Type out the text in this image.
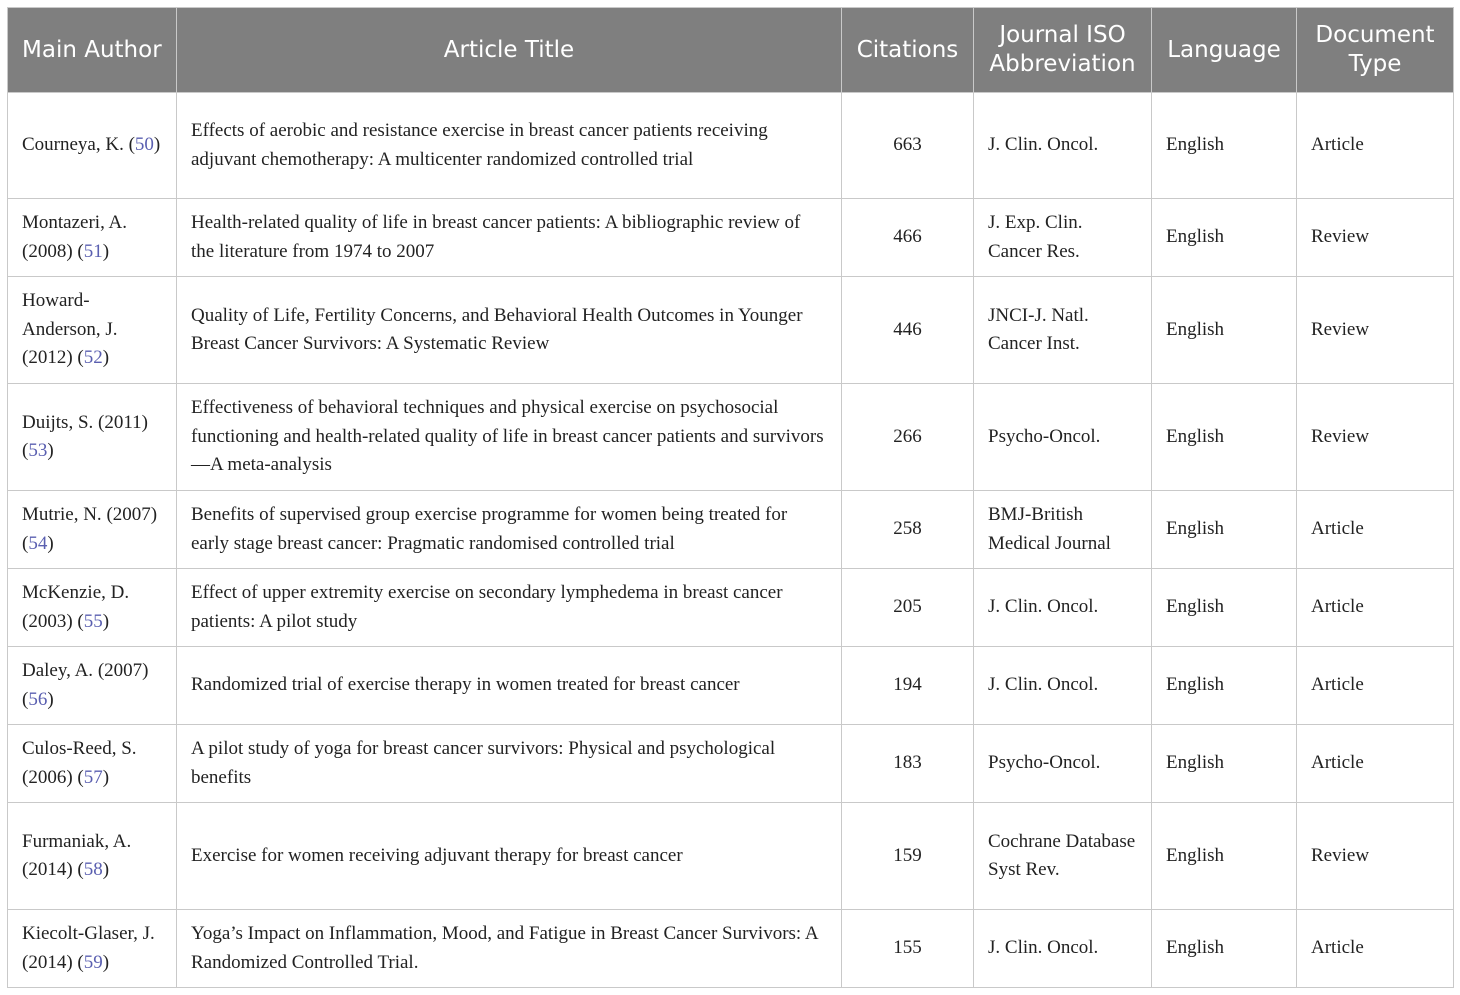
Main Author	Article Title	Citations	Journal ISO Abbreviation	Language	Document Type
Courneya, K. (50)	Effects of aerobic and resistance exercise in breast cancer patients receiving adjuvant chemotherapy: A multicenter randomized controlled trial	663	J. Clin. Oncol.	English	Article
Montazeri, A. (2008) (51)	Health-related quality of life in breast cancer patients: A bibliographic review of the literature from 1974 to 2007	466	J. Exp. Clin. Cancer Res.	English	Review
Howard-Anderson, J. (2012) (52)	Quality of Life, Fertility Concerns, and Behavioral Health Outcomes in Younger Breast Cancer Survivors: A Systematic Review	446	JNCI-J. Natl. Cancer Inst.	English	Review
Duijts, S. (2011) (53)	Effectiveness of behavioral techniques and physical exercise on psychosocial functioning and health-related quality of life in breast cancer patients and survivors—A meta-analysis	266	Psycho-Oncol.	English	Review
Mutrie, N. (2007) (54)	Benefits of supervised group exercise programme for women being treated for early stage breast cancer: Pragmatic randomised controlled trial	258	BMJ-British Medical Journal	English	Article
McKenzie, D. (2003) (55)	Effect of upper extremity exercise on secondary lymphedema in breast cancer patients: A pilot study	205	J. Clin. Oncol.	English	Article
Daley, A. (2007) (56)	Randomized trial of exercise therapy in women treated for breast cancer	194	J. Clin. Oncol.	English	Article
Culos-Reed, S. (2006) (57)	A pilot study of yoga for breast cancer survivors: Physical and psychological benefits	183	Psycho-Oncol.	English	Article
Furmaniak, A. (2014) (58)	Exercise for women receiving adjuvant therapy for breast cancer	159	Cochrane Database Syst Rev.	English	Review
Kiecolt-Glaser, J. (2014) (59)	Yoga’s Impact on Inflammation, Mood, and Fatigue in Breast Cancer Survivors: A Randomized Controlled Trial.	155	J. Clin. Oncol.	English	Article
